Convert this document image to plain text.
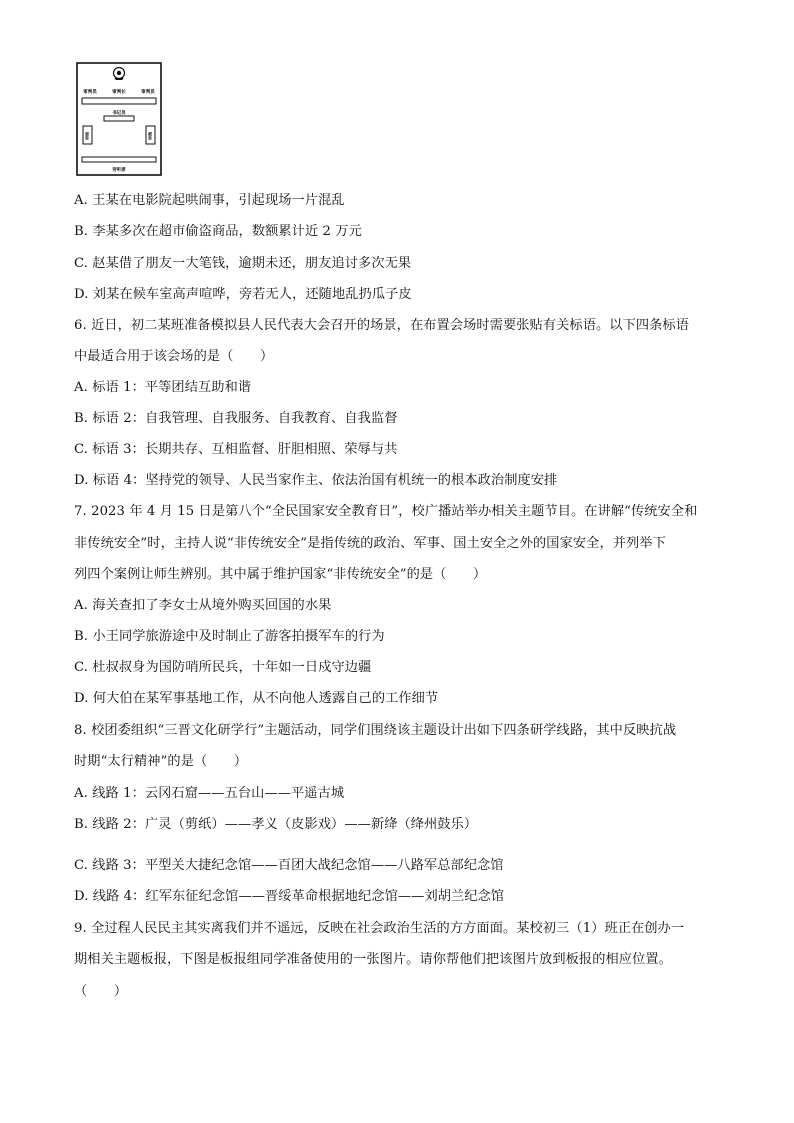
审判员	审判长	审判员
书记员
原告	被告
旁听席
A. 王某在电影院起哄闹事，引起现场一片混乱
B. 李某多次在超市偷盗商品，数额累计近 2 万元
C. 赵某借了朋友一大笔钱，逾期未还，朋友追讨多次无果
D. 刘某在候车室高声喧哗，旁若无人，还随地乱扔瓜子皮
6. 近日，初二某班准备模拟县人民代表大会召开的场景，在布置会场时需要张贴有关标语。以下四条标语
中最适合用于该会场的是（　　）
A. 标语 1：平等团结互助和谐
B. 标语 2：自我管理、自我服务、自我教育、自我监督
C. 标语 3：长期共存、互相监督、肝胆相照、荣辱与共
D. 标语 4：坚持党的领导、人民当家作主、依法治国有机统一的根本政治制度安排
7. 2023 年 4 月 15 日是第八个“全民国家安全教育日”，校广播站举办相关主题节目。在讲解“传统安全和
非传统安全”时，主持人说“非传统安全”是指传统的政治、军事、国土安全之外的国家安全，并列举下
列四个案例让师生辨别。其中属于维护国家“非传统安全”的是（　　）
A. 海关查扣了李女士从境外购买回国的水果
B. 小王同学旅游途中及时制止了游客拍摄军车的行为
C. 杜叔叔身为国防哨所民兵，十年如一日戍守边疆
D. 何大伯在某军事基地工作，从不向他人透露自己的工作细节
8. 校团委组织“三晋文化研学行”主题活动，同学们围绕该主题设计出如下四条研学线路，其中反映抗战
时期“太行精神”的是（　　）
A. 线路 1：云冈石窟——五台山——平遥古城
B. 线路 2：广灵（剪纸）——孝义（皮影戏）——新绛（绛州鼓乐）
C. 线路 3：平型关大捷纪念馆——百团大战纪念馆——八路军总部纪念馆
D. 线路 4：红军东征纪念馆——晋绥革命根据地纪念馆——刘胡兰纪念馆
9. 全过程人民民主其实离我们并不遥远，反映在社会政治生活的方方面面。某校初三（1）班正在创办一
期相关主题板报，下图是板报组同学准备使用的一张图片。请你帮他们把该图片放到板报的相应位置。
（　　）
